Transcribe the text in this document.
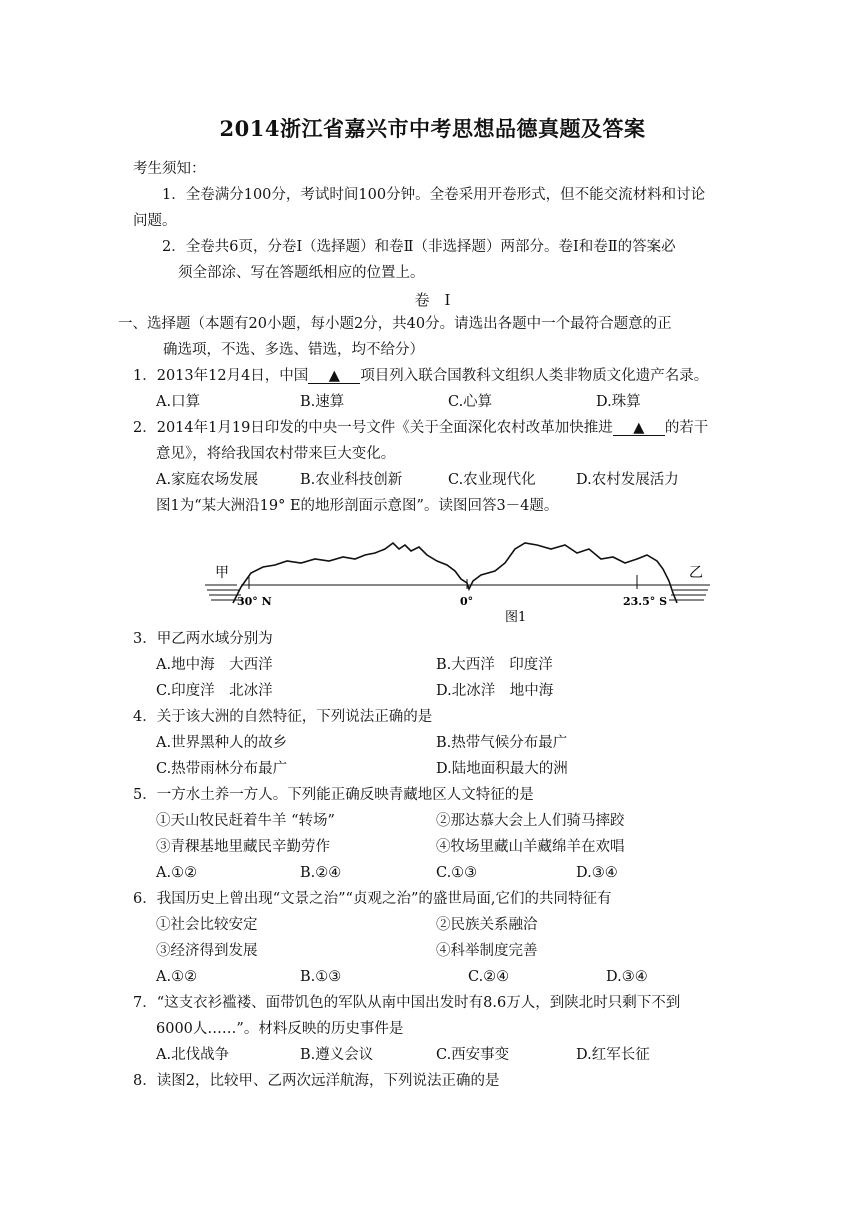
2014浙江省嘉兴市中考思想品德真题及答案
考生须知：
1．全卷满分100分，考试时间100分钟。全卷采用开卷形式，但不能交流材料和讨论
问题。
2．全卷共6页，分卷Ⅰ（选择题）和卷Ⅱ（非选择题）两部分。卷Ⅰ和卷Ⅱ的答案必
须全部涂、写在答题纸相应的位置上。
卷　Ⅰ
一、选择题（本题有20小题，每小题2分，共40分。请选出各题中一个最符合题意的正
确选项，不选、多选、错选，均不给分）
1．2013年12月4日，中国 ▲ 项目列入联合国教科文组织人类非物质文化遗产名录。
A.口算	B.速算	C.心算	D.珠算
2．2014年1月19日印发的中央一号文件《关于全面深化农村改革加快推进 ▲ 的若干
意见》，将给我国农村带来巨大变化。
A.家庭农场发展	B.农业科技创新	C.农业现代化	D.农村发展活力
图1为“某大洲沿19° E的地形剖面示意图”。读图回答3－4题。
甲	乙
30° N	0°	23.5° S
图1
3．甲乙两水域分别为
A.地中海　大西洋	B.大西洋　印度洋
C.印度洋　北冰洋	D.北冰洋　地中海
4．关于该大洲的自然特征，下列说法正确的是
A.世界黑种人的故乡	B.热带气候分布最广
C.热带雨林分布最广	D.陆地面积最大的洲
5．一方水土养一方人。下列能正确反映青藏地区人文特征的是
①天山牧民赶着牛羊 “转场”	②那达慕大会上人们骑马摔跤
③青稞基地里藏民辛勤劳作	④牧场里藏山羊藏绵羊在欢唱
A.①②	B.②④	C.①③	D.③④
6．我国历史上曾出现“文景之治”“贞观之治”的盛世局面,它们的共同特征有
①社会比较安定	②民族关系融洽
③经济得到发展	④科举制度完善
A.①②	B.①③	C.②④	D.③④
7．“这支衣衫褴褛、面带饥色的军队从南中国出发时有8.6万人，到陕北时只剩下不到
6000人……”。材料反映的历史事件是
A.北伐战争	B.遵义会议	C.西安事变	D.红军长征
8．读图2，比较甲、乙两次远洋航海，下列说法正确的是
